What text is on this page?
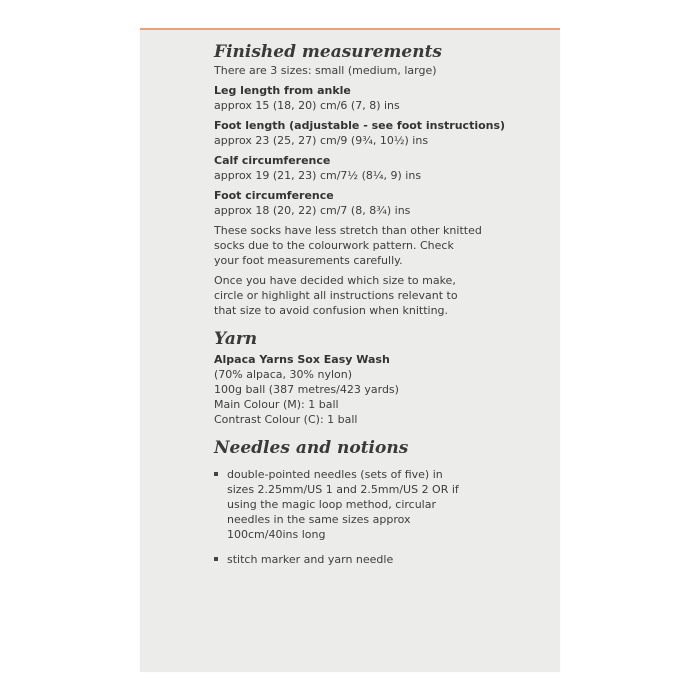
Finished measurements

There are 3 sizes: small (medium, large)

Leg length from ankle

approx 15 (18, 20) cm/6 (7, 8) ins

Foot length (adjustable - see foot instructions)

approx 23 (25, 27) cm/9 (9¾, 10½) ins

Calf circumference

approx 19 (21, 23) cm/7½ (8¼, 9) ins

Foot circumference

approx 18 (20, 22) cm/7 (8, 8¾) ins

These socks have less stretch than other knitted

socks due to the colourwork pattern. Check

your foot measurements carefully.

Once you have decided which size to make,

circle or highlight all instructions relevant to

that size to avoid confusion when knitting.

Yarn

Alpaca Yarns Sox Easy Wash

(70% alpaca, 30% nylon)

100g ball (387 metres/423 yards)

Main Colour (M): 1 ball

Contrast Colour (C): 1 ball

Needles and notions

double-pointed needles (sets of five) in

sizes 2.25mm/US 1 and 2.5mm/US 2 OR if

using the magic loop method, circular

needles in the same sizes approx

100cm/40ins long

stitch marker and yarn needle
